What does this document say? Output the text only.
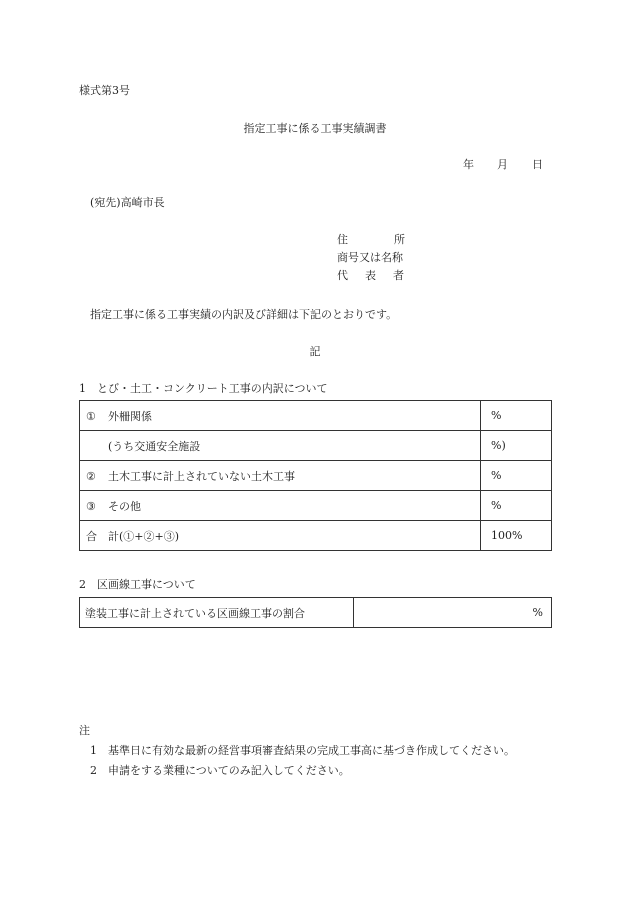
様式第3号
指定工事に係る工事実績調書
年 月 日
(宛先)高崎市長
住	所
商号又は名称
代 表 者
指定工事に係る工事実績の内訳及び詳細は下記のとおりです。
記
1　とび・土工・コンクリート工事の内訳について
① 外柵関係	%
(うち交通安全施設	%)
② 土木工事に計上されていない土木工事	%
③ その他	%
合 計(①+②+③)	100%
2　区画線工事について
塗装工事に計上されている区画線工事の割合	%
注
1 基準日に有効な最新の経営事項審査結果の完成工事高に基づき作成してください。
2 申請をする業種についてのみ記入してください。
